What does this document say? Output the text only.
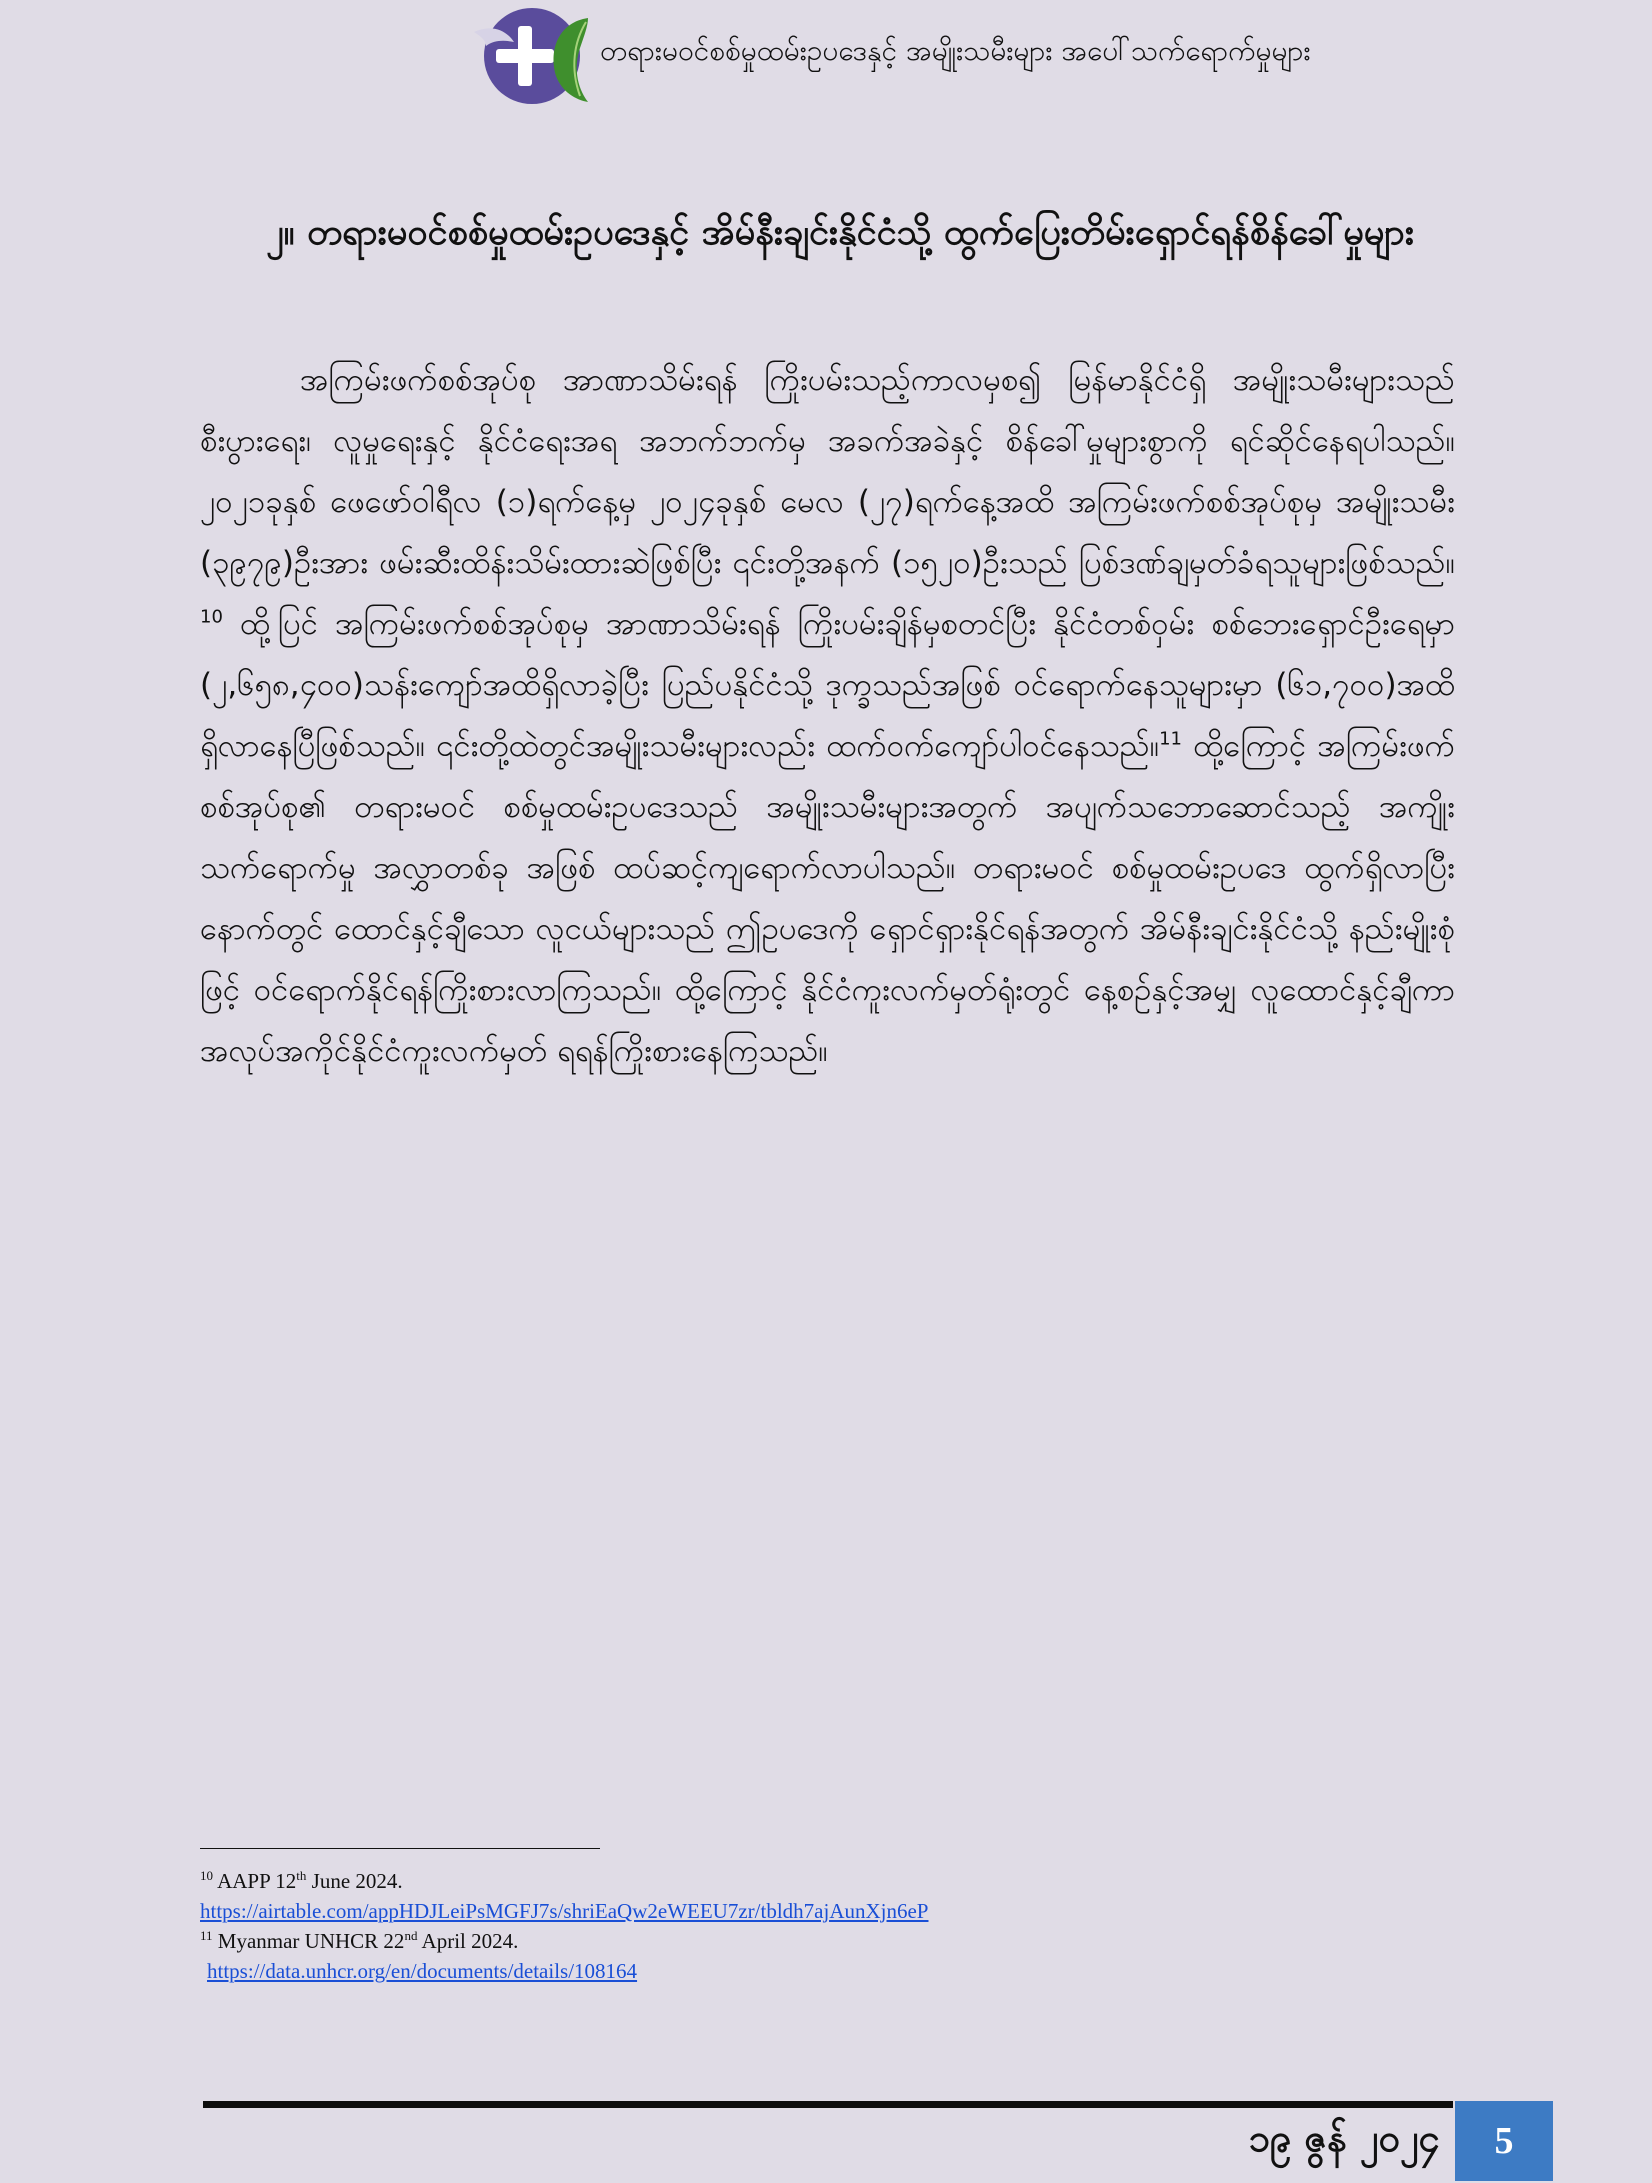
တရားမဝင်စစ်မှုထမ်းဥပဒေနှင့် အမျိုးသမီးများ အပေါ်သက်ရောက်မှုများ
၂။ တရားမဝင်စစ်မှုထမ်းဥပဒေနှင့် အိမ်နီးချင်းနိုင်ငံသို့ ထွက်ပြေးတိမ်းရှောင်ရန်စိန်ခေါ်မှုများ

အကြမ်းဖက်စစ်အုပ်စု အာဏာသိမ်းရန် ကြိုးပမ်းသည့်ကာလမှစ၍ မြန်မာနိုင်ငံရှိ အမျိုးသမီးများသည် စီးပွားရေး၊ လူမှုရေးနှင့် နိုင်ငံရေးအရ အဘက်ဘက်မှ အခက်အခဲနှင့် စိန်ခေါ်မှုများစွာကို ရင်ဆိုင်နေရပါသည်။ ၂၀၂၁ခုနှစ် ဖေဖော်ဝါရီလ (၁)ရက်နေ့မှ ၂၀၂၄ခုနှစ် မေလ (၂၇)ရက်နေ့အထိ အကြမ်းဖက်စစ်အုပ်စုမှ အမျိုးသမီး (၃၉၇၉)ဦးအား ဖမ်းဆီးထိန်းသိမ်းထားဆဲဖြစ်ပြီး ၎င်းတို့အနက် (၁၅၂၀)ဦးသည် ပြစ်ဒဏ်ချမှတ်ခံရသူများဖြစ်သည်။$^{10}$ ထို့ပြင် အကြမ်းဖက်စစ်အုပ်စုမှ အာဏာသိမ်းရန် ကြိုးပမ်းချိန်မှစတင်ပြီး နိုင်ငံတစ်ဝှမ်း စစ်ဘေးရှောင်ဦးရေမှာ (၂,၆၅၈,၄၀၀)သန်းကျော်အထိရှိလာခဲ့ပြီး ပြည်ပနိုင်ငံသို့ ဒုက္ခသည်အဖြစ် ဝင်ရောက်နေသူများမှာ (၆၁,၇၀၀)အထိရှိလာနေပြီဖြစ်သည်။ ၎င်းတို့ထဲတွင်အမျိုးသမီးများလည်း ထက်ဝက်ကျော်ပါဝင်နေသည်။$^{11}$ ထို့ကြောင့် အကြမ်းဖက် စစ်အုပ်စု၏ တရားမဝင် စစ်မှုထမ်းဥပဒေသည် အမျိုးသမီးများအတွက် အပျက်သဘောဆောင်သည့် အကျိုးသက်ရောက်မှု အလွှာတစ်ခု အဖြစ် ထပ်ဆင့်ကျရောက်လာပါသည်။ တရားမဝင် စစ်မှုထမ်းဥပဒေ ထွက်ရှိလာပြီးနောက်တွင် ထောင်နှင့်ချီသော လူငယ်များသည် ဤဥပဒေကို ရှောင်ရှားနိုင်ရန်အတွက် အိမ်နီးချင်းနိုင်ငံသို့ နည်းမျိုးစုံဖြင့် ဝင်ရောက်နိုင်ရန်ကြိုးစားလာကြသည်။ ထို့ကြောင့် နိုင်ငံကူးလက်မှတ်ရုံးတွင် နေ့စဉ်နှင့်အမျှ လူထောင်နှင့်ချီကာ အလုပ်အကိုင်နိုင်ငံကူးလက်မှတ် ရရန်ကြိုးစားနေကြသည်။

$^{10}$ AAPP 12th June 2024.
https://airtable.com/appHDJLeiPsMGFJ7s/shriEaQw2eWEEU7zr/tbldh7ajAunXjn6eP
$^{11}$ Myanmar UNHCR 22nd April 2024.
https://data.unhcr.org/en/documents/details/108164
၁၉ ဇွန် ၂၀၂၄ 5
